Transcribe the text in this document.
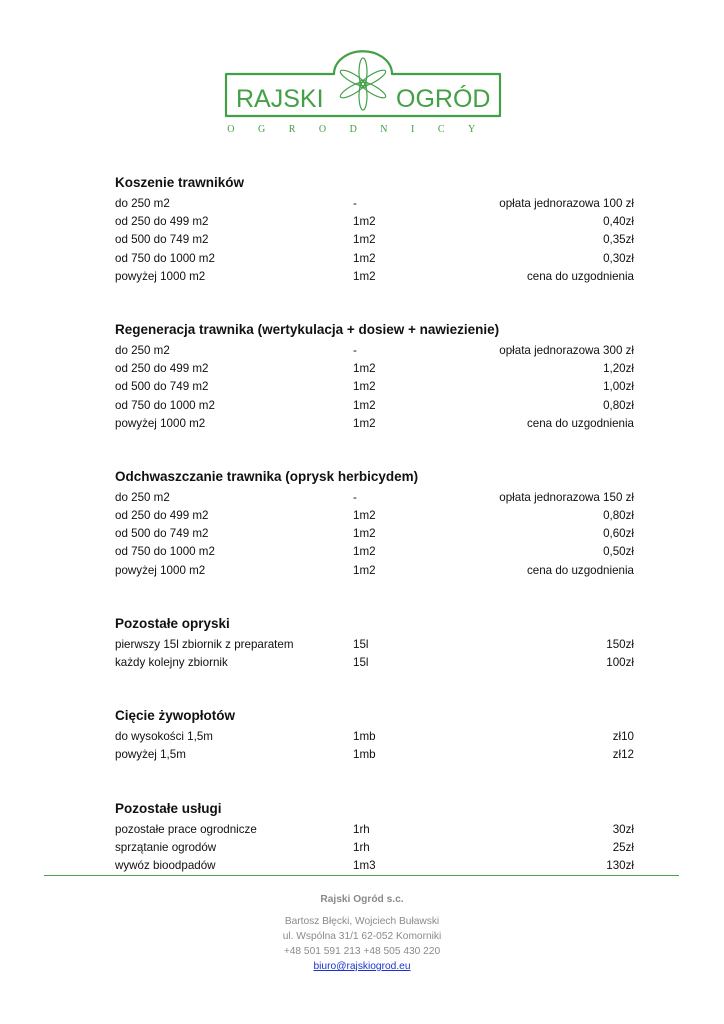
RAJSKI	OGRÓD
OGRODNICY
Koszenie trawników
do 250 m2	-	opłata jednorazowa 100 zł
od 250 do 499 m2	1m2	0,40zł
od 500 do 749 m2	1m2	0,35zł
od 750 do 1000 m2	1m2	0,30zł
powyżej 1000 m2	1m2	cena do uzgodnienia
Regeneracja trawnika (wertykulacja + dosiew + nawiezienie)
do 250 m2	-	opłata jednorazowa 300 zł
od 250 do 499 m2	1m2	1,20zł
od 500 do 749 m2	1m2	1,00zł
od 750 do 1000 m2	1m2	0,80zł
powyżej 1000 m2	1m2	cena do uzgodnienia
Odchwaszczanie trawnika (oprysk herbicydem)
do 250 m2	-	opłata jednorazowa 150 zł
od 250 do 499 m2	1m2	0,80zł
od 500 do 749 m2	1m2	0,60zł
od 750 do 1000 m2	1m2	0,50zł
powyżej 1000 m2	1m2	cena do uzgodnienia
Pozostałe opryski
pierwszy 15l zbiornik z preparatem	15l	150zł
każdy kolejny zbiornik	15l	100zł
Cięcie żywopłotów
do wysokości 1,5m	1mb	zł10
powyżej 1,5m	1mb	zł12
Pozostałe usługi
pozostałe prace ogrodnicze	1rh	30zł
sprzątanie ogrodów	1rh	25zł
wywóz bioodpadów	1m3	130zł
Rajski Ogród s.c.
Bartosz Błęcki, Wojciech Buławski
ul. Wspólna 31/1 62-052 Komorniki
+48 501 591 213 +48 505 430 220
biuro@rajskiogrod.eu
